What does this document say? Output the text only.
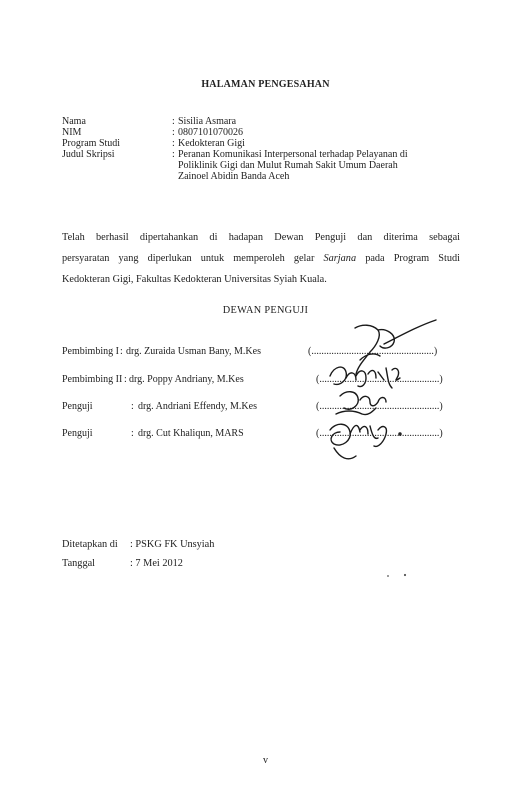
HALAMAN PENGESAHAN
Nama	: Sisilia Asmara
NIM	: 0807101070026
Program Studi	: Kedokteran Gigi
Judul Skripsi	: Peranan Komunikasi Interpersonal terhadap Pelayanan di
Poliklinik Gigi dan Mulut Rumah Sakit Umum Daerah
Zainoel Abidin Banda Aceh
Telah berhasil dipertahankan di hadapan Dewan Penguji dan diterima sebagai
persyaratan yang diperlukan untuk memperoleh gelar Sarjana pada Program Studi
Kedokteran Gigi, Fakultas Kedokteran Universitas Syiah Kuala.
DEWAN PENGUJI
Pembimbing I : drg. Zuraida Usman Bany, M.Kes	(.................................................)
Pembimbing II : drg. Poppy Andriany, M.Kes	(................................................)
Penguji	: drg. Andriani Effendy, M.Kes	(................................................)
Penguji	: drg. Cut Khaliqun, MARS	(................................................)
Ditetapkan di	: PSKG FK Unsyiah
Tanggal	: 7 Mei 2012
v
